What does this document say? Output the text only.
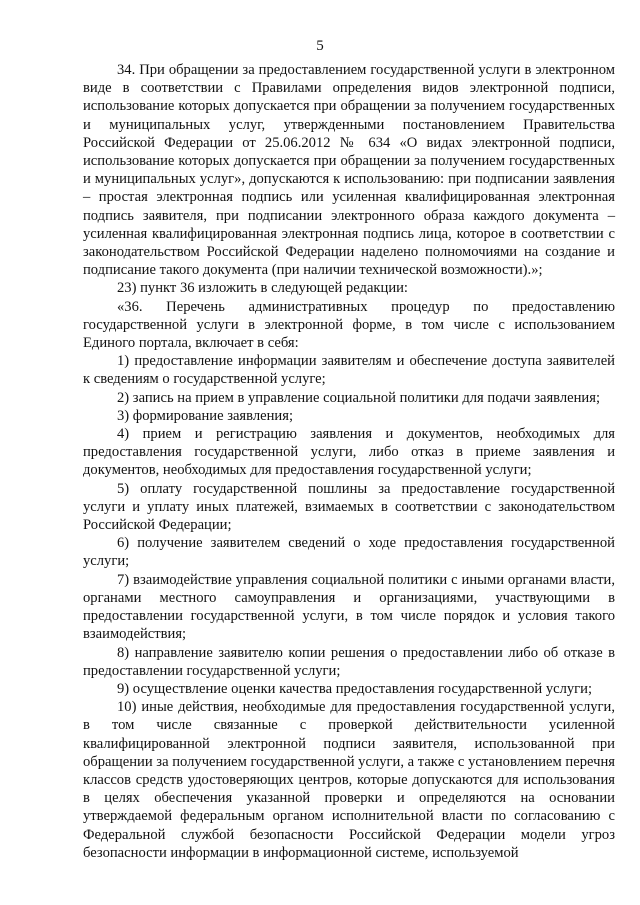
5

34. При обращении за предоставлением государственной услуги в электронном виде в соответствии с Правилами определения видов электронной подписи, использование которых допускается при обращении за получением государственных и муниципальных услуг, утвержденными постановлением Правительства Российской Федерации от 25.06.2012 № 634 «О видах электронной подписи, использование которых допускается при обращении за получением государственных и муниципальных услуг», допускаются к использованию: при подписании заявления – простая электронная подпись или усиленная квалифицированная электронная подпись заявителя, при подписании электронного образа каждого документа – усиленная квалифицированная электронная подпись лица, которое в соответствии с законодательством Российской Федерации наделено полномочиями на создание и подписание такого документа (при наличии технической возможности).»;

23) пункт 36 изложить в следующей редакции:

«36. Перечень административных процедур по предоставлению государственной услуги в электронной форме, в том числе с использованием Единого портала, включает в себя:

1) предоставление информации заявителям и обеспечение доступа заявителей к сведениям о государственной услуге;

2) запись на прием в управление социальной политики для подачи заявления;

3) формирование заявления;

4) прием и регистрацию заявления и документов, необходимых для предоставления государственной услуги, либо отказ в приеме заявления и документов, необходимых для предоставления государственной услуги;

5) оплату государственной пошлины за предоставление государственной услуги и уплату иных платежей, взимаемых в соответствии с законодательством Российской Федерации;

6) получение заявителем сведений о ходе предоставления государственной услуги;

7) взаимодействие управления социальной политики с иными органами власти, органами местного самоуправления и организациями, участвующими в предоставлении государственной услуги, в том числе порядок и условия такого взаимодействия;

8) направление заявителю копии решения о предоставлении либо об отказе в предоставлении государственной услуги;

9) осуществление оценки качества предоставления государственной услуги;

10) иные действия, необходимые для предоставления государственной услуги, в том числе связанные с проверкой действительности усиленной квалифицированной электронной подписи заявителя, использованной при обращении за получением государственной услуги, а также с установлением перечня классов средств удостоверяющих центров, которые допускаются для использования в целях обеспечения указанной проверки и определяются на основании утверждаемой федеральным органом исполнительной власти по согласованию с Федеральной службой безопасности Российской Федерации модели угроз безопасности информации в информационной системе, используемой
